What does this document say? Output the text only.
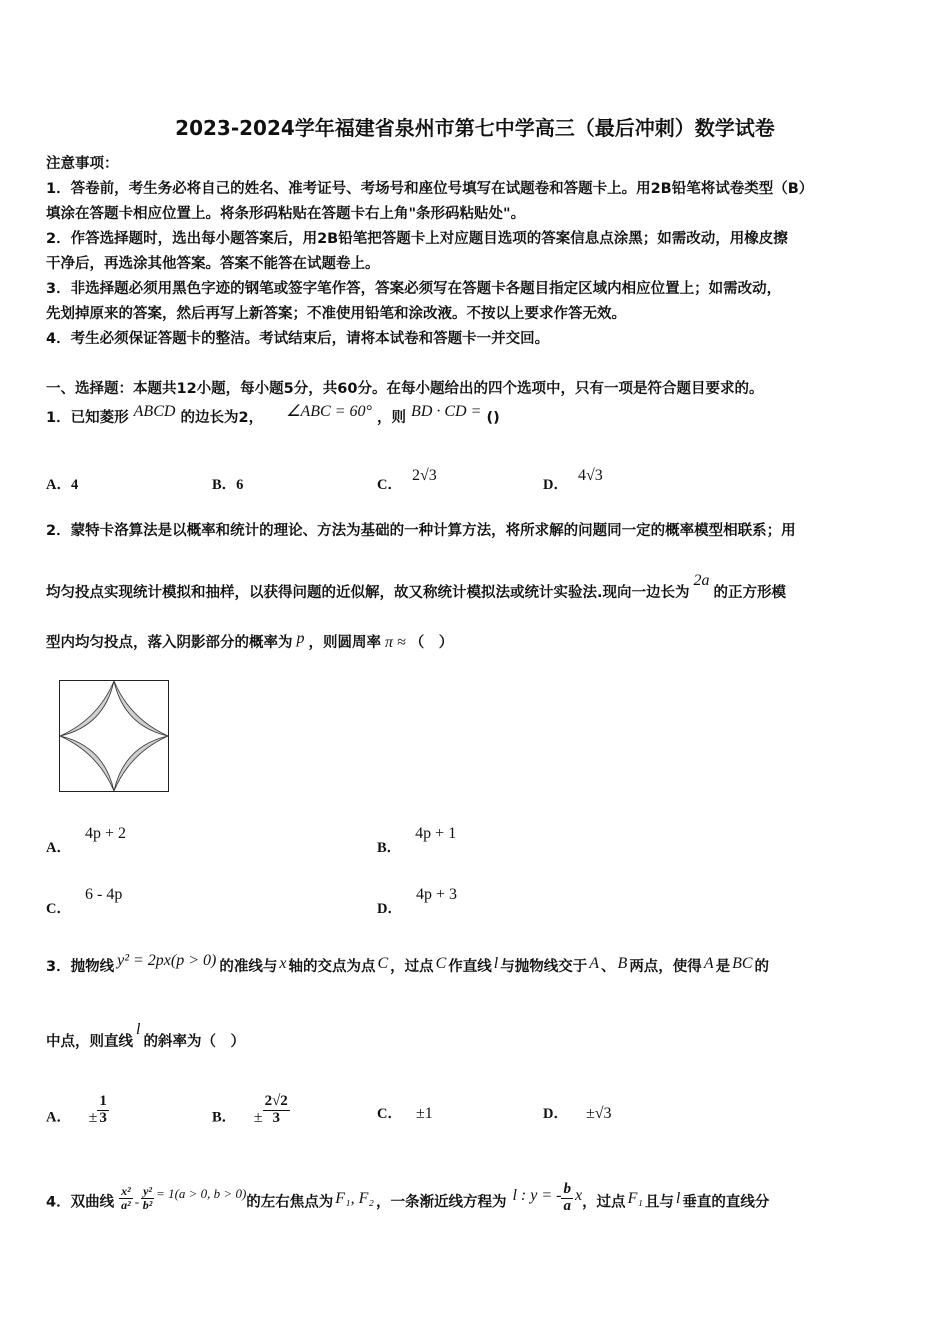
2023-2024学年福建省泉州市第七中学高三（最后冲刺）数学试卷
注意事项：
1．答卷前，考生务必将自己的姓名、准考证号、考场号和座位号填写在试题卷和答题卡上。用2B铅笔将试卷类型（B）
填涂在答题卡相应位置上。将条形码粘贴在答题卡右上角"条形码粘贴处"。
2．作答选择题时，选出每小题答案后，用2B铅笔把答题卡上对应题目选项的答案信息点涂黑；如需改动，用橡皮擦
干净后，再选涂其他答案。答案不能答在试题卷上。
3．非选择题必须用黑色字迹的钢笔或签字笔作答，答案必须写在答题卡各题目指定区域内相应位置上；如需改动，
先划掉原来的答案，然后再写上新答案；不准使用铅笔和涂改液。不按以上要求作答无效。
4．考生必须保证答题卡的整洁。考试结束后，请将本试卷和答题卡一并交回。
一、选择题：本题共12小题，每小题5分，共60分。在每小题给出的四个选项中，只有一项是符合题目要求的。
1．已知菱形 ABCD 的边长为2， ∠ABC = 60° ，则 BD · CD = ()
A．4	B．6	C．2√3
D．4√3
2．蒙特卡洛算法是以概率和统计的理论、方法为基础的一种计算方法，将所求解的问题同一定的概率模型相联系；用
均匀投点实现统计模拟和抽样，以获得问题的近似解，故又称统计模拟法或统计实验法.现向一边长为2a的正方形模
型内均匀投点，落入阴影部分的概率为 p ，则圆周率 π ≈ （　）
A．4p + 2
B．4p + 1
C．6 - 4p
D．4p + 3
3．抛物线 y² = 2px(p > 0) 的准线与 x 轴的交点为点 C ，过点 C 作直线 l 与抛物线交于 A 、 B 两点，使得 A 是 BC 的
中点，则直线l的斜率为（　）
A． ± $\frac{1}{3}$	B． ± $\frac{2√2}{3}$	C． ±1	D． ±√3
4．双曲线 $\frac{\text{x²}}{\text{a²}} - \frac{\text{y²}}{\text{b²}} = 1(a > 0$, b > 0)的左右焦点为 F₁, F₂ ，一条渐近线方程为 l : y = - $\frac{b}{a}$ x，过点 F₁ 且与 l 垂直的直线分
